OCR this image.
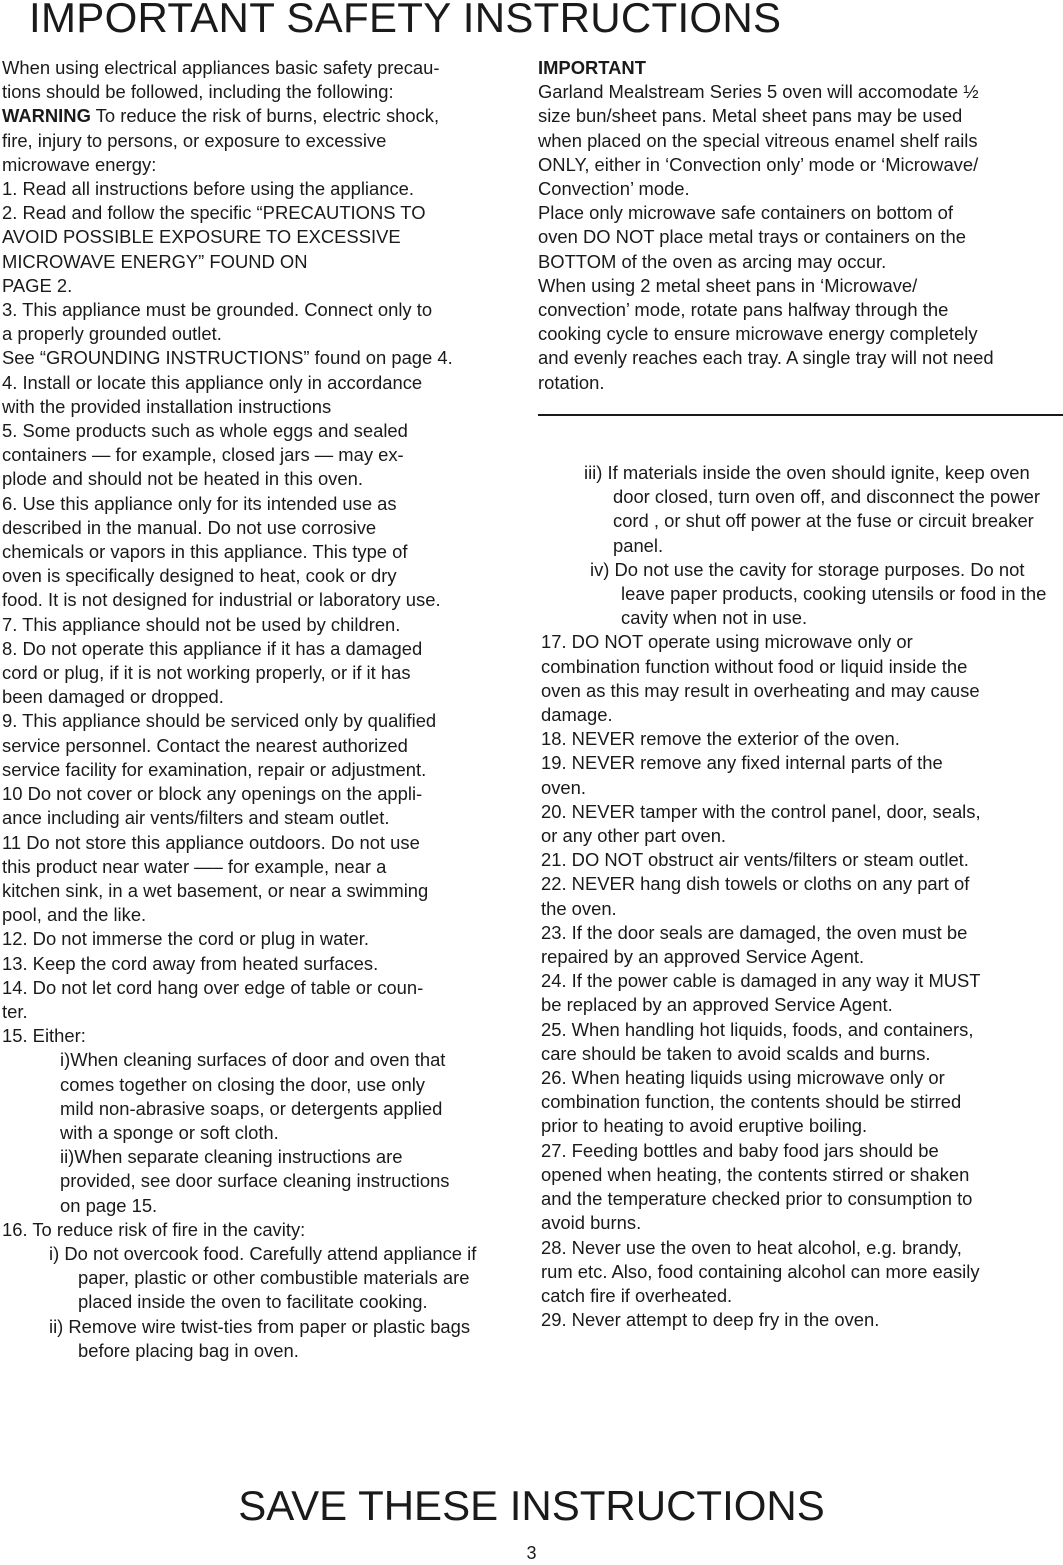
IMPORTANT SAFETY INSTRUCTIONS

When using electrical appliances basic safety precau-

tions should be followed, including the following:

WARNING To reduce the risk of burns, electric shock,

fire, injury to persons, or exposure to excessive

microwave energy:

1. Read all instructions before using the appliance.

2. Read and follow the specific “PRECAUTIONS TO

AVOID POSSIBLE EXPOSURE TO EXCESSIVE

MICROWAVE ENERGY” FOUND ON

PAGE 2.

3. This appliance must be grounded. Connect only to

a properly grounded outlet.

See “GROUNDING INSTRUCTIONS” found on page 4.

4. Install or locate this appliance only in accordance

with the provided installation instructions

5. Some products such as whole eggs and sealed

containers — for example, closed jars — may ex-

plode and should not be heated in this oven.

6. Use this appliance only for its intended use as

described in the manual. Do not use corrosive

chemicals or vapors in this appliance. This type of

oven is specifically designed to heat, cook or dry

food. It is not designed for industrial or laboratory use.

7. This appliance should not be used by children.

8. Do not operate this appliance if it has a damaged

cord or plug, if it is not working properly, or if it has

been damaged or dropped.

9. This appliance should be serviced only by qualified

service personnel. Contact the nearest authorized

service facility for examination, repair or adjustment.

10 Do not cover or block any openings on the appli-

ance including air vents/filters and steam outlet.

11 Do not store this appliance outdoors. Do not use

this product near water —– for example, near a

kitchen sink, in a wet basement, or near a swimming

pool, and the like.

12. Do not immerse the cord or plug in water.

13. Keep the cord away from heated surfaces.

14. Do not let cord hang over edge of table or coun-

ter.

15. Either:

i)When cleaning surfaces of door and oven that

comes together on closing the door, use only

mild non-abrasive soaps, or detergents applied

with a sponge or soft cloth.

ii)When separate cleaning instructions are

provided, see door surface cleaning instructions

on page 15.

16. To reduce risk of fire in the cavity:

i) Do not overcook food. Carefully attend appliance if paper, plastic or other combustible materials are placed inside the oven to facilitate cooking.

ii) Remove wire twist-ties from paper or plastic bags before placing bag in oven.

IMPORTANT

Garland Mealstream Series 5 oven will accomodate ½

size bun/sheet pans. Metal sheet pans may be used

when placed on the special vitreous enamel shelf rails

ONLY, either in ‘Convection only’ mode or ‘Microwave/

Convection’ mode.

Place only microwave safe containers on bottom of

oven DO NOT place metal trays or containers on the

BOTTOM of the oven as arcing may occur.

When using 2 metal sheet pans in ‘Microwave/

convection’ mode, rotate pans halfway through the

cooking cycle to ensure microwave energy completely

and evenly reaches each tray. A single tray will not need

rotation.

iii) If materials inside the oven should ignite, keep oven door closed, turn oven off, and disconnect the power cord , or shut off power at the fuse or circuit breaker panel.

iv) Do not use the cavity for storage purposes. Do not leave paper products, cooking utensils or food in the cavity when not in use.

17. DO NOT operate using microwave only or

combination function without food or liquid inside the

oven as this may result in overheating and may cause

damage.

18. NEVER remove the exterior of the oven.

19. NEVER remove any fixed internal parts of the

oven.

20. NEVER tamper with the control panel, door, seals,

or any other part oven.

21. DO NOT obstruct air vents/filters or steam outlet.

22. NEVER hang dish towels or cloths on any part of

the oven.

23. If the door seals are damaged, the oven must be

repaired by an approved Service Agent.

24. If the power cable is damaged in any way it MUST

be replaced by an approved Service Agent.

25. When handling hot liquids, foods, and containers,

care should be taken to avoid scalds and burns.

26. When heating liquids using microwave only or

combination function, the contents should be stirred

prior to heating to avoid eruptive boiling.

27. Feeding bottles and baby food jars should be

opened when heating, the contents stirred or shaken

and the temperature checked prior to consumption to

avoid burns.

28. Never use the oven to heat alcohol, e.g. brandy,

rum etc. Also, food containing alcohol can more easily

catch fire if overheated.

29. Never attempt to deep fry in the oven.

SAVE THESE INSTRUCTIONS
3
